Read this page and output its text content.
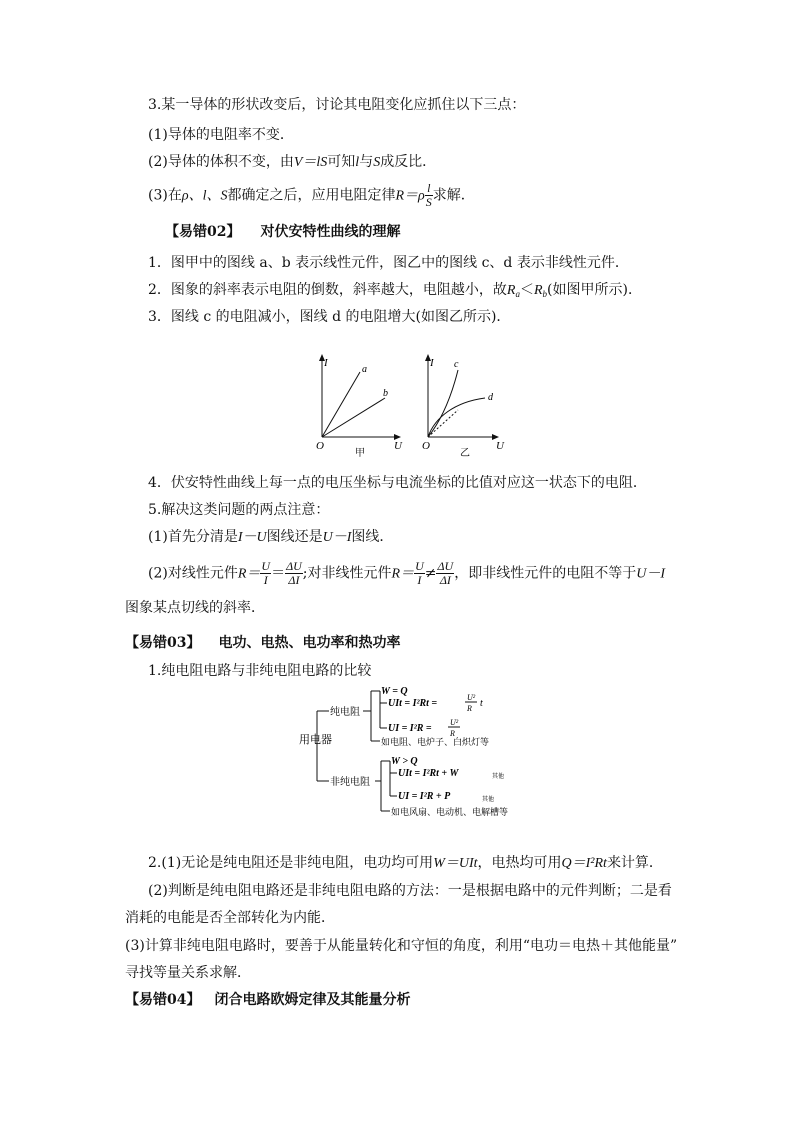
3.某一导体的形状改变后，讨论其电阻变化应抓住以下三点：
(1)导体的电阻率不变．
(2)导体的体积不变，由V＝lS可知l与S成反比．
(3)在ρ、l、S都确定之后，应用电阻定律$R=\rho \frac{l}{S}$ 求解．
【易错02】 对伏安特性曲线的理解
1．图甲中的图线 a、b 表示线性元件，图乙中的图线 c、d 表示非线性元件．
2．图象的斜率表示电阻的倒数，斜率越大，电阻越小，故$R_a<R_b$(如图甲所示)．
3．图线 c 的电阻减小，图线 d 的电阻增大(如图乙所示)．
I
U
O
a
b
甲
I
U
O
c
d
乙
4．伏安特性曲线上每一点的电压坐标与电流坐标的比值对应这一状态下的电阻．
5.解决这类问题的两点注意：
(1)首先分清是I－U图线还是U－I图线．
(2)对线性元件$R= \frac{U}{I} = \frac{\Delta U}{\Delta I}$ ;对非线性元件$R= \frac{U}{I} \ne \frac{\Delta U}{\Delta I}$ ，即非线性元件的电阻不等于U－I
图象某点切线的斜率．
【易错03】 电功、电热、电功率和热功率
1.纯电阻电路与非纯电阻电路的比较
用电器
纯电阻
非纯电阻
W = Q
UIt = I²Rt =
U²
R t
UI = I²R =
U²
R
如电阻、电炉子、白炽灯等
W > Q
UIt = I²Rt + W	其他
UI = I²R + P	其他
如电风扇、电动机、电解槽等
2.(1)无论是纯电阻还是非纯电阻，电功均可用W＝UIt，电热均可用Q＝I²Rt来计算．
(2)判断是纯电阻电路还是非纯电阻电路的方法：一是根据电路中的元件判断；二是看
消耗的电能是否全部转化为内能．
(3)计算非纯电阻电路时，要善于从能量转化和守恒的角度，利用“电功＝电热＋其他能量”
寻找等量关系求解．
【易错04】 闭合电路欧姆定律及其能量分析
